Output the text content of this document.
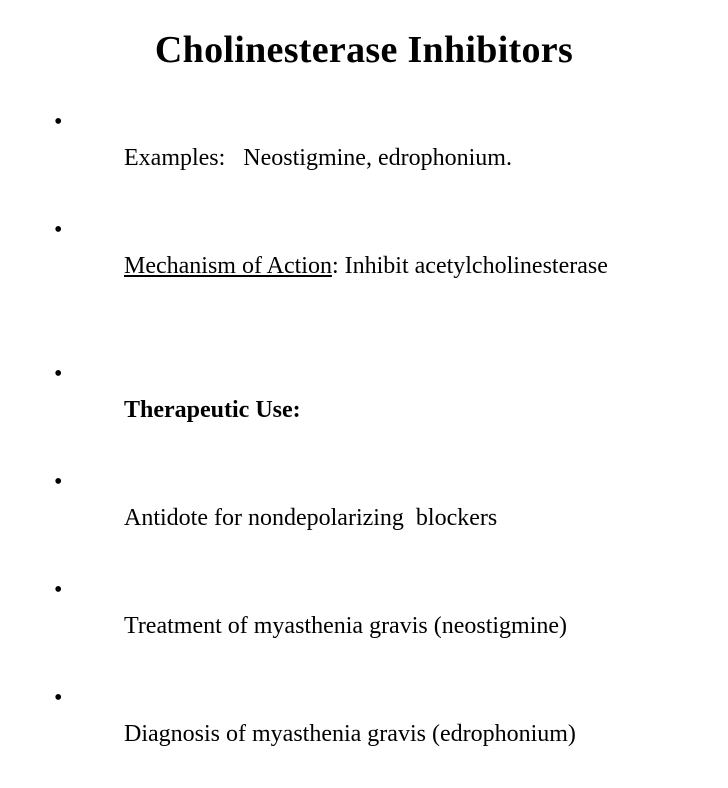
Cholinesterase Inhibitors

•
Examples:   Neostigmine, edrophonium.

•
Mechanism of Action: Inhibit acetylcholinesterase

•
Therapeutic Use:

•
Antidote for nondepolarizing  blockers

•
Treatment of myasthenia gravis (neostigmine)

•
Diagnosis of myasthenia gravis (edrophonium)
